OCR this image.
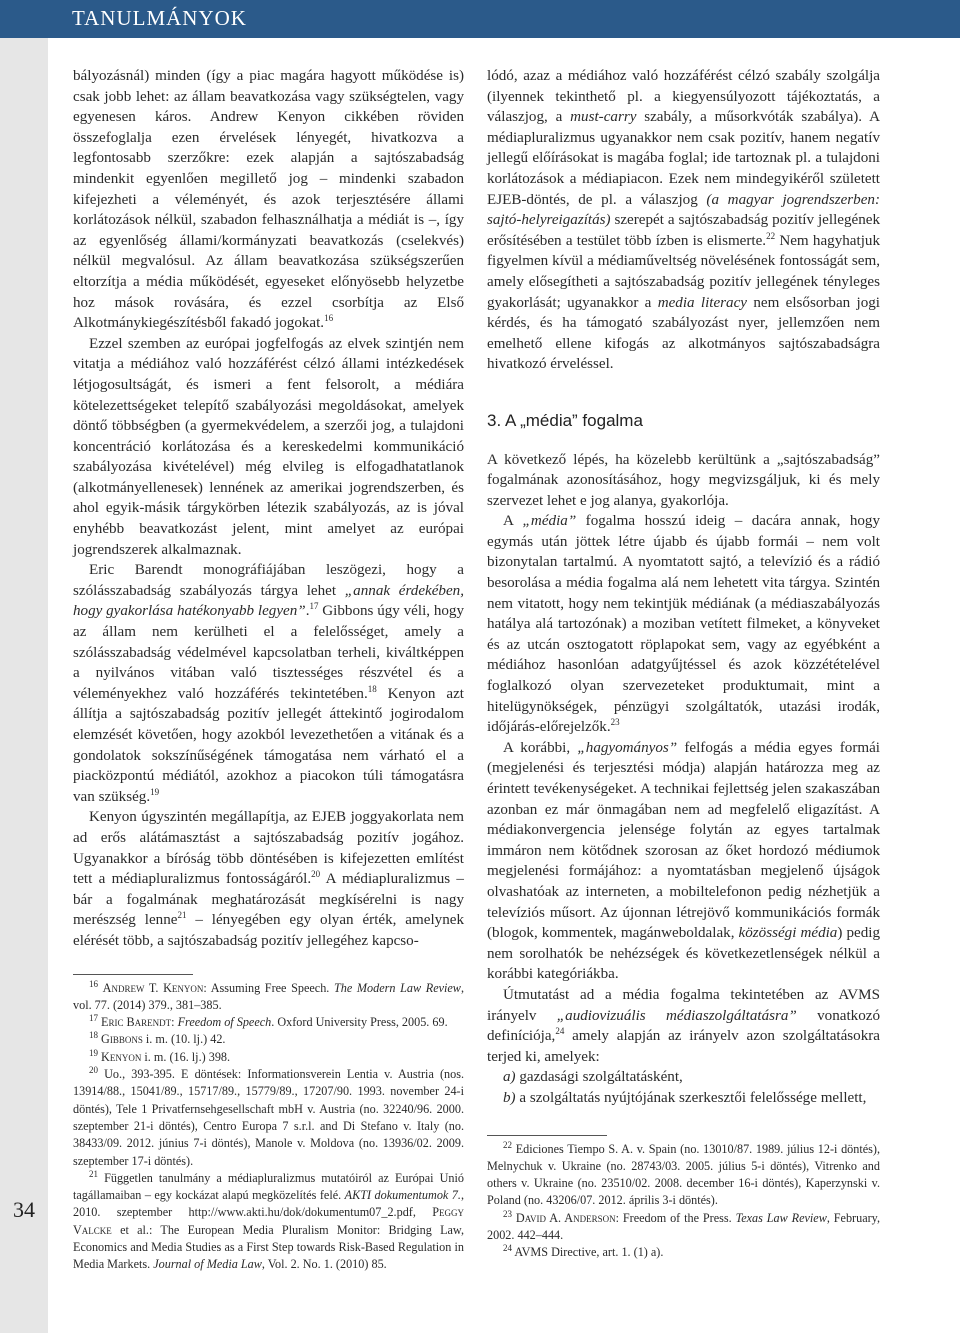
TANULMÁNYOK
34

bályozásnál) minden (így a piac magára hagyott működése is) csak jobb lehet: az állam beavatkozása vagy szükségtelen, vagy egyenesen káros. Andrew Kenyon cikkében röviden összefoglalja ezen érvelések lényegét, hivatkozva a legfontosabb szerzőkre: ezek alapján a sajtószabadság mindenkit egyenlően megillető jog – mindenki szabadon kifejezheti a véleményét, és azok terjesztésére állami korlátozások nélkül, szabadon felhasználhatja a médiát is –, így az egyenlőség állami/kormányzati beavatkozás (cselekvés) nélkül megvalósul. Az állam beavatkozása szükségszerűen eltorzítja a média működését, egyeseket előnyösebb helyzetbe hoz mások rovására, és ezzel csorbítja az Első Alkotmánykiegészítésből fakadó jogokat.$^{16}$

Ezzel szemben az európai jogfelfogás az elvek szintjén nem vitatja a médiához való hozzáférést célzó állami intézkedések létjogosultságát, és ismeri a fent felsorolt, a médiára kötelezettségeket telepítő szabályozási megoldásokat, amelyek döntő többségben (a gyermekvédelem, a szerzői jog, a tulajdoni koncentráció korlátozása és a kereskedelmi kommunikáció szabályozása kivételével) még elvileg is elfogadhatatlanok (alkotmányellenesek) lennének az amerikai jogrendszerben, és ahol egyik-másik tárgykörben létezik szabályozás, az is jóval enyhébb beavatkozást jelent, mint amelyet az európai jogrendszerek alkalmaznak.

Eric Barendt monográfiájában leszögezi, hogy a szólásszabadság szabályozás tárgya lehet „annak érdekében, hogy gyakorlása hatékonyabb legyen”.$^{17}$ Gibbons úgy véli, hogy az állam nem kerülheti el a felelősséget, amely a szólásszabadság védelmével kapcsolatban terheli, kiváltképpen a nyilvános vitában való tisztességes részvétel és a véleményekhez való hozzáférés tekintetében.$^{18}$ Kenyon azt állítja a sajtószabadság pozitív jellegét áttekintő jogirodalom elemzését követően, hogy azokból levezethetően a vitának és a gondolatok sokszínűségének támogatása nem várható el a piacközpontú médiától, azokhoz a piacokon túli támogatásra van szükség.$^{19}$

Kenyon úgyszintén megállapítja, az EJEB joggyakorlata nem ad erős alátámasztást a sajtószabadság pozitív jogához. Ugyanakkor a bíróság több döntésében is kifejezetten említést tett a médiapluralizmus fontosságáról.$^{20}$ A médiapluralizmus – bár a fogalmának meghatározását megkísérelni is nagy merészség lenne$^{21}$ – lényegében egy olyan érték, amelynek elérését több, a sajtószabadság pozitív jellegéhez kapcso-

$^{16}$ Andrew T. Kenyon: Assuming Free Speech. The Modern Law Review, vol. 77. (2014) 379., 381–385.

$^{17}$ Eric Barendt: Freedom of Speech. Oxford University Press, 2005. 69.

$^{18}$ Gibbons i. m. (10. lj.) 42.

$^{19}$ Kenyon i. m. (16. lj.) 398.

$^{20}$ Uo., 393-395. E döntések: Informationsverein Lentia v. Austria (nos. 13914/88., 15041/89., 15717/89., 15779/89., 17207/90. 1993. november 24-i döntés), Tele 1 Privatfernsehgesellschaft mbH v. Austria (no. 32240/96. 2000. szeptember 21-i döntés), Centro Europa 7 s.r.l. and Di Stefano v. Italy (no. 38433/09. 2012. június 7-i döntés), Manole v. Moldova (no. 13936/02. 2009. szeptember 17-i döntés).

$^{21}$ Független tanulmány a médiapluralizmus mutatóiról az Európai Unió tagállamaiban – egy kockázat alapú megközelítés felé. AKTI dokumentumok 7., 2010. szeptember http://www.akti.hu/dok/dokumentum07_2.pdf, Peggy Valcke et al.: The European Media Pluralism Monitor: Bridging Law, Economics and Media Studies as a First Step towards Risk-Based Regulation in Media Markets. Journal of Media Law, Vol. 2. No. 1. (2010) 85.

lódó, azaz a médiához való hozzáférést célzó szabály szolgálja (ilyennek tekinthető pl. a kiegyensúlyozott tájékoztatás, a válaszjog, a must-carry szabály, a műsorkvóták szabálya). A médiapluralizmus ugyanakkor nem csak pozitív, hanem negatív jellegű előírásokat is magába foglal; ide tartoznak pl. a tulajdoni korlátozások a médiapiacon. Ezek nem mindegyikéről született EJEB-döntés, de pl. a válaszjog (a magyar jogrendszerben: sajtó-helyreigazítás) szerepét a sajtószabadság pozitív jellegének erősítésében a testület több ízben is elismerte.$^{22}$ Nem hagyhatjuk figyelmen kívül a médiaműveltség növelésének fontosságát sem, amely elősegítheti a sajtószabadság pozitív jellegének tényleges gyakorlását; ugyanakkor a media literacy nem elsősorban jogi kérdés, és ha támogató szabályozást nyer, jellemzően nem emelhető ellene kifogás az alkotmányos sajtószabadságra hivatkozó érveléssel.

3. A „média” fogalma

A következő lépés, ha közelebb kerültünk a „sajtószabadság” fogalmának azonosításához, hogy megvizsgáljuk, ki és mely szervezet lehet e jog alanya, gyakorlója.

A „média” fogalma hosszú ideig – dacára annak, hogy egymás után jöttek létre újabb és újabb formái – nem volt bizonytalan tartalmú. A nyomtatott sajtó, a televízió és a rádió besorolása a média fogalma alá nem lehetett vita tárgya. Szintén nem vitatott, hogy nem tekintjük médiának (a médiaszabályozás hatálya alá tartozónak) a moziban vetített filmeket, a könyveket és az utcán osztogatott röplapokat sem, vagy az egyébként a médiához hasonlóan adatgyűjtéssel és azok közzétételével foglalkozó olyan szervezeteket produktumait, mint a hitelügynökségek, pénzügyi szolgáltatók, utazási irodák, időjárás-előrejelzők.$^{23}$

A korábbi, „hagyományos” felfogás a média egyes formái (megjelenési és terjesztési módja) alapján határozza meg az érintett tevékenységeket. A technikai fejlettség jelen szakaszában azonban ez már önmagában nem ad megfelelő eligazítást. A médiakonvergencia jelensége folytán az egyes tartalmak immáron nem kötődnek szorosan az őket hordozó médiumok megjelenési formájához: a nyomtatásban megjelenő újságok olvashatóak az interneten, a mobiltelefonon pedig nézhetjük a televíziós műsort. Az újonnan létrejövő kommunikációs formák (blogok, kommentek, magánweboldalak, közösségi média) pedig nem sorolhatók be nehézségek és következetlenségek nélkül a korábbi kategóriákba.

Útmutatást ad a média fogalma tekintetében az AVMS irányelv „audiovizuális médiaszolgáltatásra” vonatkozó definíciója,$^{24}$ amely alapján az irányelv azon szolgáltatásokra terjed ki, amelyek:

a) gazdasági szolgáltatásként,

b) a szolgáltatás nyújtójának szerkesztői felelőssége mellett,

$^{22}$ Ediciones Tiempo S. A. v. Spain (no. 13010/87. 1989. július 12-i döntés), Melnychuk v. Ukraine (no. 28743/03. 2005. július 5-i döntés), Vitrenko and others v. Ukraine (no. 23510/02. 2008. december 16-i döntés), Kaperzynski v. Poland (no. 43206/07. 2012. április 3-i döntés).

$^{23}$ David A. Anderson: Freedom of the Press. Texas Law Review, February, 2002. 442–444.

$^{24}$ AVMS Directive, art. 1. (1) a).
